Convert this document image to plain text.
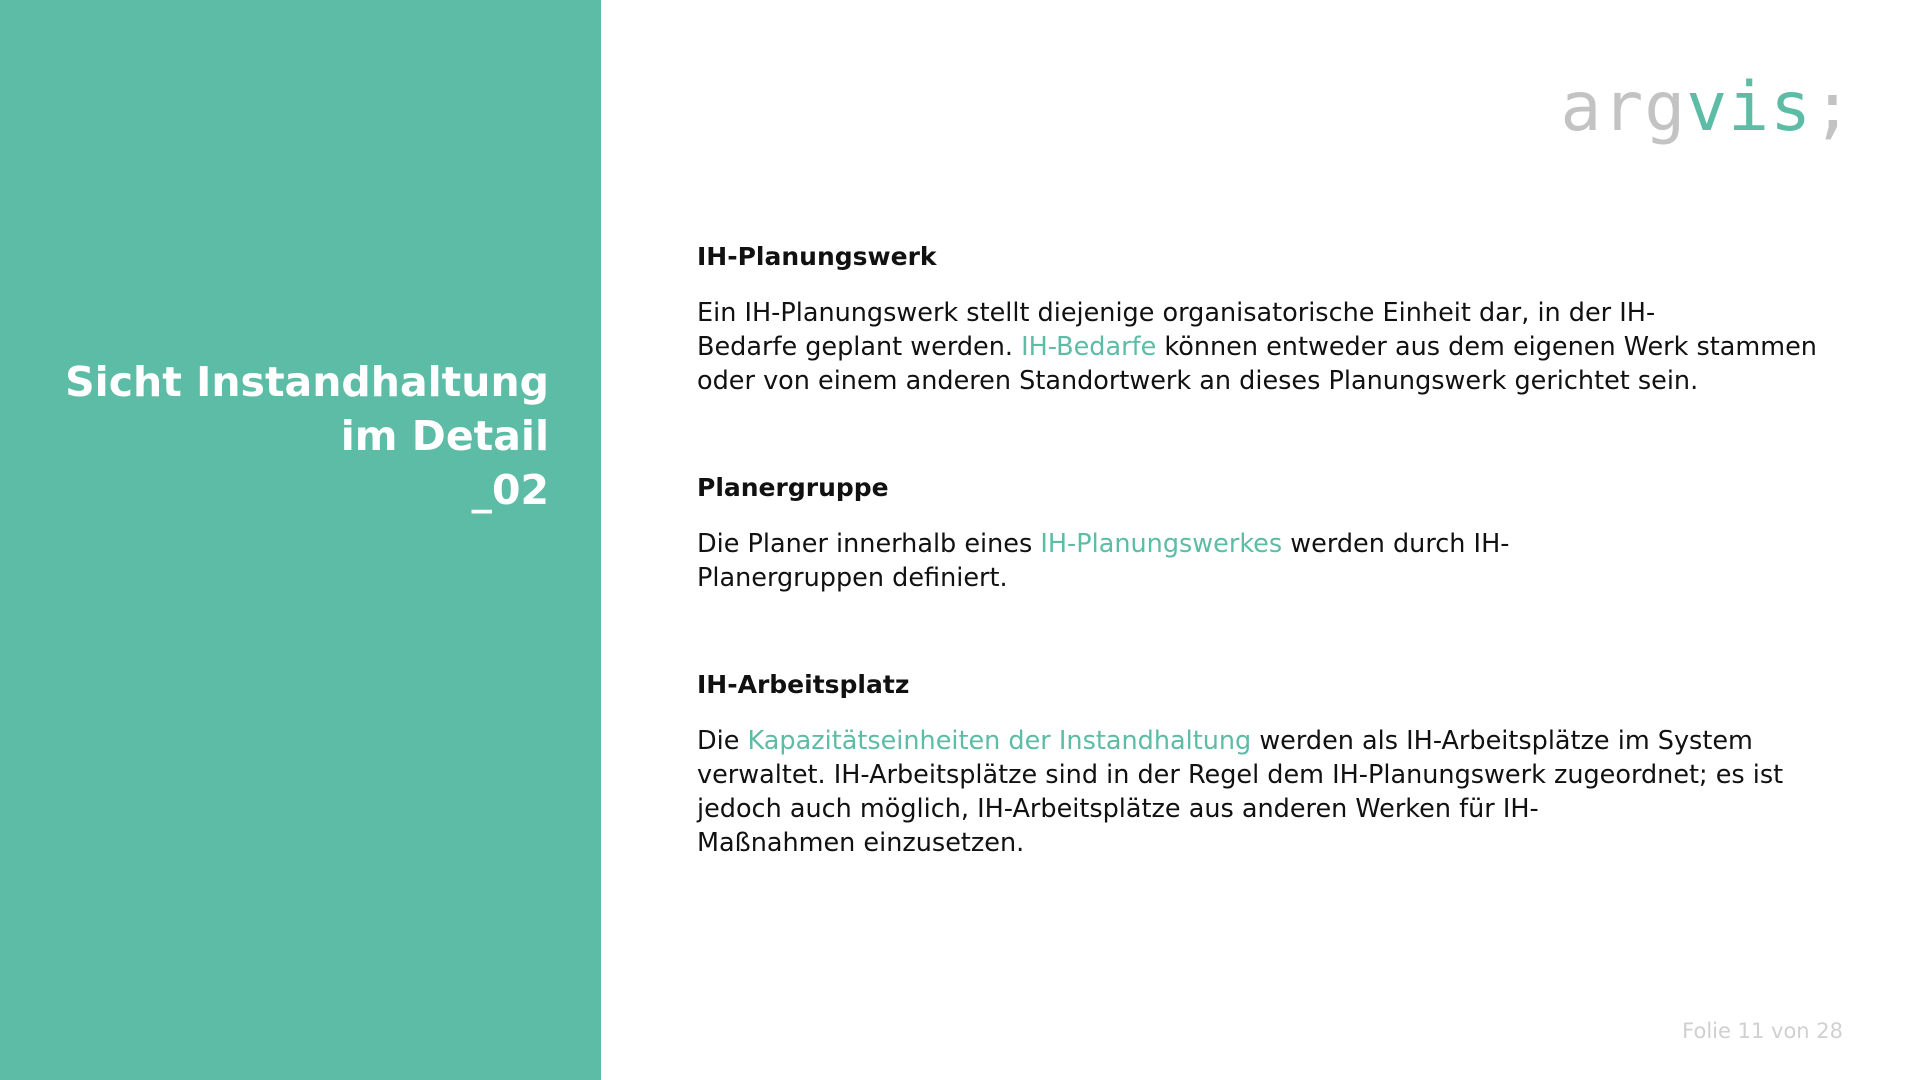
Sicht Instandhaltung
im Detail
_02
argvis;
IH-Planungswerk

Ein IH-Planungswerk stellt diejenige organisatorische Einheit dar, in der IH-
Bedarfe geplant werden. IH-Bedarfe können entweder aus dem eigenen Werk stammen
oder von einem anderen Standortwerk an dieses Planungswerk gerichtet sein.

Planergruppe

Die Planer innerhalb eines IH-Planungswerkes werden durch IH-
Planergruppen definiert.

IH-Arbeitsplatz

Die Kapazitätseinheiten der Instandhaltung werden als IH-Arbeitsplätze im System
verwaltet. IH-Arbeitsplätze sind in der Regel dem IH-Planungswerk zugeordnet; es ist
jedoch auch möglich, IH-Arbeitsplätze aus anderen Werken für IH-
Maßnahmen einzusetzen.

Folie 11 von 28
